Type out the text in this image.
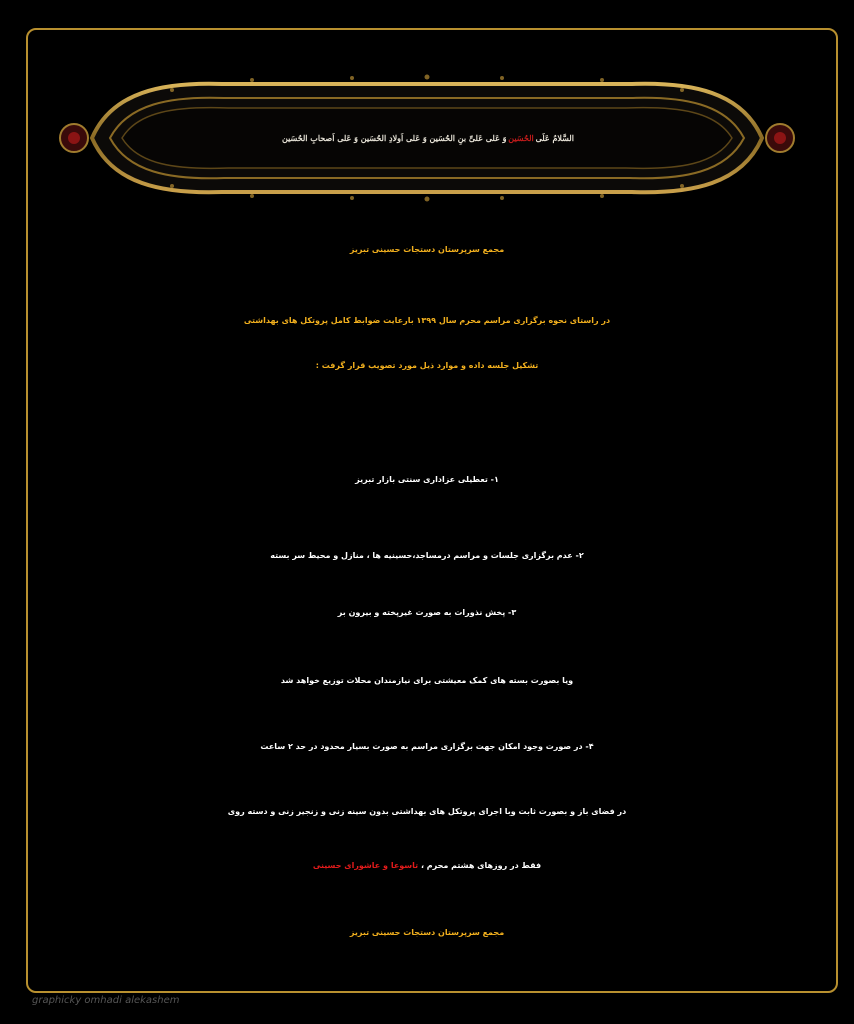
السَّلامُ عَلَی

الحُسَین

وَ عَلی عَلیِّ بنِ الحُسَین وَ عَلی اَولادِ الحُسَین وَ عَلی اَصحابِ الحُسَین
مجمع سرپرستان دستجات حسینی تبریز
در راستای نحوه برگزاری مراسم محرم سال ۱۳۹۹ بارعایت ضوابط کامل پروتکل های بهداشتی
تشکیل جلسه داده و موارد ذیل مورد تصویب قرار گرفت :
۱- تعطیلی عزاداری سنتی بازار تبریز
۲- عدم برگزاری جلسات و مراسم درمساجد،حسینیه ها ، منازل و محیط سر بسته
۳- پخش نذورات به صورت غیرپخته و بیرون بر
ویا بصورت بسته های کمک معیشتی برای نیازمندان محلات توزیع خواهد شد
۴- در صورت وجود امکان جهت برگزاری مراسم به صورت بسیار محدود در حد ۲ ساعت
در فضای باز و بصورت ثابت وبا اجرای پروتکل های بهداشتی بدون سینه زنی و زنجیر زنی و دسته روی
فقط در روزهای هشتم محرم ، تاسوعا و عاشورای حسینی
مجمع سرپرستان دستجات حسینی تبریز
graphicky omhadi alekashem
